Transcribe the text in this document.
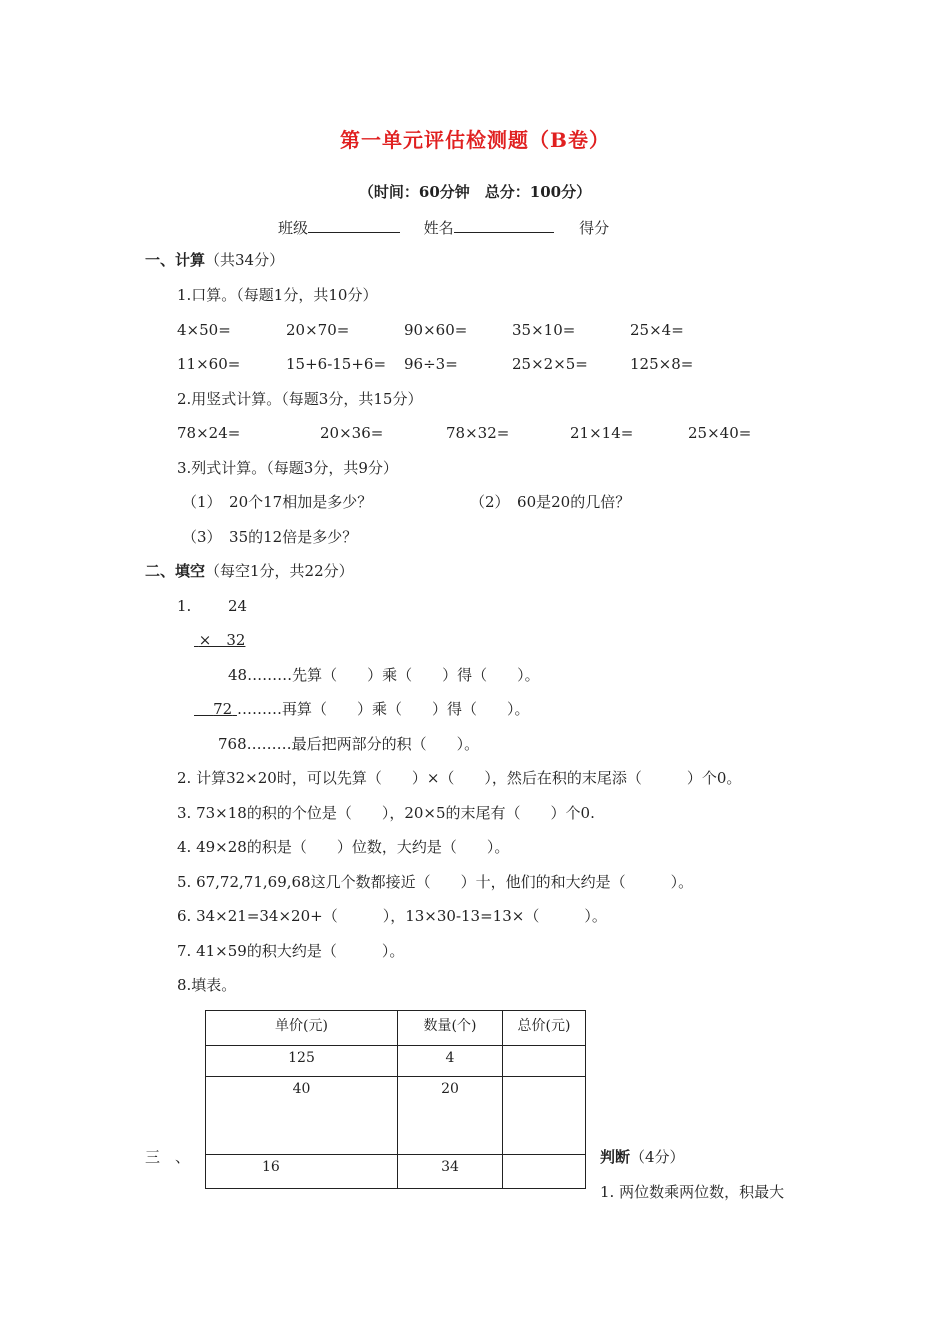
第一单元评估检测题（B卷）
（时间：60分钟　总分：100分）
班级	姓名	得分
一、计算（共34分）
1.口算。（每题1分，共10分）
4×50=	20×70=	90×60=	35×10=	25×4=
11×60=	15+6-15+6= 96÷3=	25×2×5=	125×8=
2.用竖式计算。（每题3分，共15分）
78×24=	20×36=	78×32=	21×14=	25×40=
3.列式计算。（每题3分，共9分）
（1）　20个17相加是多少？	（2）　60是20的几倍？
（3）　35的12倍是多少？
二、填空（每空1分，共22分）
1. 24
×　32
48………先算（　　）乘（　　）得（　　）。
72 ………再算（　　）乘（　　）得（　　）。
768………最后把两部分的积（　　）。
2. 计算32×20时，可以先算（　　）×（　　），然后在积的末尾添（　　　）个0。
3. 73×18的积的个位是（　　），20×5的末尾有（　　）个0.
4. 49×28的积是（　　）位数，大约是（　　）。
5. 67,72,71,69,68这几个数都接近（　　）十，他们的和大约是（　　　）。
6. 34×21=34×20+（　　　），13×30-13=13×（　　　）。
7. 41×59的积大约是（　　　）。
8.填表。
单价(元)	数量(个)	总价(元)
125	4	
40	20	
16	34	
三　、	判断（4分）
1. 两位数乘两位数，积最大
